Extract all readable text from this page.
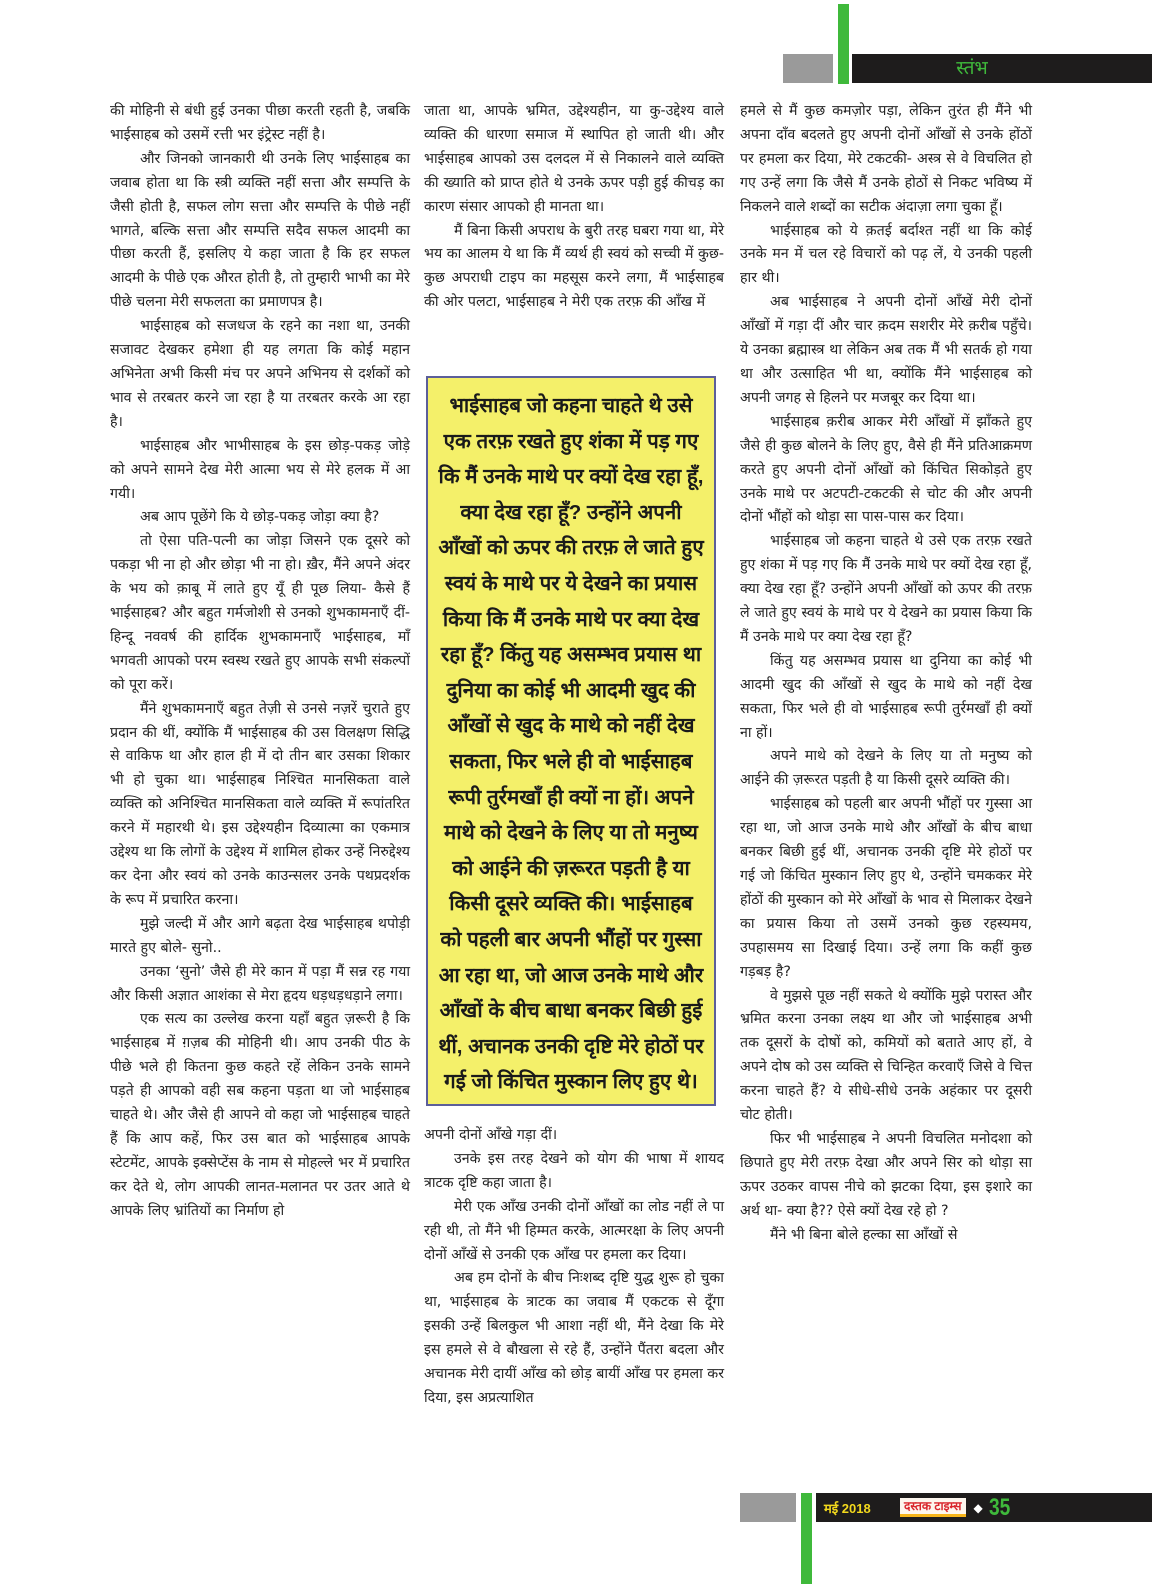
स्तंभ

की मोहिनी से बंधी हुई उनका पीछा करती रहती है, जबकि भाईसाहब को उसमें रत्ती भर इंट्रेस्ट नहीं है।

और जिनको जानकारी थी उनके लिए भाईसाहब का जवाब होता था कि स्त्री व्यक्ति नहीं सत्ता और सम्पत्ति के जैसी होती है, सफल लोग सत्ता और सम्पत्ति के पीछे नहीं भागते, बल्कि सत्ता और सम्पत्ति सदैव सफल आदमी का पीछा करती हैं, इसलिए ये कहा जाता है कि हर सफल आदमी के पीछे एक औरत होती है, तो तुम्हारी भाभी का मेरे पीछे चलना मेरी सफलता का प्रमाणपत्र है।

भाईसाहब को सजधज के रहने का नशा था, उनकी सजावट देखकर हमेशा ही यह लगता कि कोई महान अभिनेता अभी किसी मंच पर अपने अभिनय से दर्शकों को भाव से तरबतर करने जा रहा है या तरबतर करके आ रहा है।

भाईसाहब और भाभीसाहब के इस छोड़-पकड़ जोड़े को अपने सामने देख मेरी आत्मा भय से मेरे हलक में आ गयी।

अब आप पूछेंगे कि ये छोड़-पकड़ जोड़ा क्या है?

तो ऐसा पति-पत्नी का जोड़ा जिसने एक दूसरे को पकड़ा भी ना हो और छोड़ा भी ना हो। ख़ैर, मैंने अपने अंदर के भय को क़ाबू में लाते हुए यूँ ही पूछ लिया- कैसे हैं भाईसाहब? और बहुत गर्मजोशी से उनको शुभकामनाएँ दीं- हिन्दू नववर्ष की हार्दिक शुभकामनाएँ भाईसाहब, माँ भगवती आपको परम स्वस्थ रखते हुए आपके सभी संकल्पों को पूरा करें।

मैंने शुभकामनाएँ बहुत तेज़ी से उनसे नज़रें चुराते हुए प्रदान की थीं, क्योंकि मैं भाईसाहब की उस विलक्षण सिद्धि से वाकिफ था और हाल ही में दो तीन बार उसका शिकार भी हो चुका था। भाईसाहब निश्चित मानसिकता वाले व्यक्ति को अनिश्चित मानसिकता वाले व्यक्ति में रूपांतरित करने में महारथी थे। इस उद्देश्यहीन दिव्यात्मा का एकमात्र उद्देश्य था कि लोगों के उद्देश्य में शामिल होकर उन्हें निरुद्देश्य कर देना और स्वयं को उनके काउन्सलर उनके पथप्रदर्शक के रूप में प्रचारित करना।

मुझे जल्दी में और आगे बढ़ता देख भाईसाहब थपोड़ी मारते हुए बोले- सुनो..

उनका ‘सुनो’ जैसे ही मेरे कान में पड़ा मैं सन्न रह गया और किसी अज्ञात आशंका से मेरा हृदय धड़धड़धड़ाने लगा।

एक सत्य का उल्लेख करना यहाँ बहुत ज़रूरी है कि भाईसाहब में ग़ज़ब की मोहिनी थी। आप उनकी पीठ के पीछे भले ही कितना कुछ कहते रहें लेकिन उनके सामने पड़ते ही आपको वही सब कहना पड़ता था जो भाईसाहब चाहते थे। और जैसे ही आपने वो कहा जो भाईसाहब चाहते हैं कि आप कहें, फिर उस बात को भाईसाहब आपके स्टेटमेंट, आपके इक्सेप्टेंस के नाम से मोहल्ले भर में प्रचारित कर देते थे, लोग आपकी लानत-मलानत पर उतर आते थे आपके लिए भ्रांतियों का निर्माण हो

जाता था, आपके भ्रमित, उद्देश्यहीन, या कु-उद्देश्य वाले व्यक्ति की धारणा समाज में स्थापित हो जाती थी। और भाईसाहब आपको उस दलदल में से निकालने वाले व्यक्ति की ख्याति को प्राप्त होते थे उनके ऊपर पड़ी हुई कीचड़ का कारण संसार आपको ही मानता था।

मैं बिना किसी अपराध के बुरी तरह घबरा गया था, मेरे भय का आलम ये था कि मैं व्यर्थ ही स्वयं को सच्ची में कुछ-कुछ अपराधी टाइप का महसूस करने लगा, मैं भाईसाहब की ओर पलटा, भाईसाहब ने मेरी एक तरफ़ की आँख में

भाईसाहब जो कहना चाहते थे उसे एक तरफ़ रखते हुए शंका में पड़ गए कि मैं उनके माथे पर क्यों देख रहा हूँ, क्या देख रहा हूँ? उन्होंने अपनी आँखों को ऊपर की तरफ़ ले जाते हुए स्वयं के माथे पर ये देखने का प्रयास किया कि मैं उनके माथे पर क्या देख रहा हूँ? किंतु यह असम्भव प्रयास था दुनिया का कोई भी आदमी खुद की आँखों से खुद के माथे को नहीं देख सकता, फिर भले ही वो भाईसाहब रूपी तुर्रमखाँ ही क्यों ना हों। अपने माथे को देखने के लिए या तो मनुष्य को आईने की ज़रूरत पड़ती है या किसी दूसरे व्यक्ति की। भाईसाहब को पहली बार अपनी भौंहों पर गुस्सा आ रहा था, जो आज उनके माथे और आँखों के बीच बाधा बनकर बिछी हुई थीं, अचानक उनकी दृष्टि मेरे होठों पर गई जो किंचित मुस्कान लिए हुए थे।

अपनी दोनों आँखे गड़ा दीं।

उनके इस तरह देखने को योग की भाषा में शायद त्राटक दृष्टि कहा जाता है।

मेरी एक आँख उनकी दोनों आँखों का लोड नहीं ले पा रही थी, तो मैंने भी हिम्मत करके, आत्मरक्षा के लिए अपनी दोनों आँखें से उनकी एक आँख पर हमला कर दिया।

अब हम दोनों के बीच निःशब्द दृष्टि युद्ध शुरू हो चुका था, भाईसाहब के त्राटक का जवाब मैं एकटक से दूँगा इसकी उन्हें बिलकुल भी आशा नहीं थी, मैंने देखा कि मेरे इस हमले से वे बौखला से रहे हैं, उन्होंने पैंतरा बदला और अचानक मेरी दायीं आँख को छोड़ बायीं आँख पर हमला कर दिया, इस अप्रत्याशित

हमले से मैं कुछ कमज़ोर पड़ा, लेकिन तुरंत ही मैंने भी अपना दाँव बदलते हुए अपनी दोनों आँखों से उनके होंठों पर हमला कर दिया, मेरे टकटकी- अस्त्र से वे विचलित हो गए उन्हें लगा कि जैसे मैं उनके होठों से निकट भविष्य में निकलने वाले शब्दों का सटीक अंदाज़ा लगा चुका हूँ।

भाईसाहब को ये क़तई बर्दाश्त नहीं था कि कोई उनके मन में चल रहे विचारों को पढ़ लें, ये उनकी पहली हार थी।

अब भाईसाहब ने अपनी दोनों आँखें मेरी दोनों आँखों में गड़ा दीं और चार क़दम सशरीर मेरे क़रीब पहुँचे। ये उनका ब्रह्मास्त्र था लेकिन अब तक मैं भी सतर्क हो गया था और उत्साहित भी था, क्योंकि मैंने भाईसाहब को अपनी जगह से हिलने पर मजबूर कर दिया था।

भाईसाहब क़रीब आकर मेरी आँखों में झाँकते हुए जैसे ही कुछ बोलने के लिए हुए, वैसे ही मैंने प्रतिआक्रमण करते हुए अपनी दोनों आँखों को किंचित सिकोड़ते हुए उनके माथे पर अटपटी-टकटकी से चोट की और अपनी दोनों भौंहों को थोड़ा सा पास-पास कर दिया।

भाईसाहब जो कहना चाहते थे उसे एक तरफ़ रखते हुए शंका में पड़ गए कि मैं उनके माथे पर क्यों देख रहा हूँ, क्या देख रहा हूँ? उन्होंने अपनी आँखों को ऊपर की तरफ़ ले जाते हुए स्वयं के माथे पर ये देखने का प्रयास किया कि मैं उनके माथे पर क्या देख रहा हूँ?

किंतु यह असम्भव प्रयास था दुनिया का कोई भी आदमी खुद की आँखों से खुद के माथे को नहीं देख सकता, फिर भले ही वो भाईसाहब रूपी तुर्रमखाँ ही क्यों ना हों।

अपने माथे को देखने के लिए या तो मनुष्य को आईने की ज़रूरत पड़ती है या किसी दूसरे व्यक्ति की।

भाईसाहब को पहली बार अपनी भौंहों पर गुस्सा आ रहा था, जो आज उनके माथे और आँखों के बीच बाधा बनकर बिछी हुई थीं, अचानक उनकी दृष्टि मेरे होठों पर गई जो किंचित मुस्कान लिए हुए थे, उन्होंने चमककर मेरे होंठों की मुस्कान को मेरे आँखों के भाव से मिलाकर देखने का प्रयास किया तो उसमें उनको कुछ रहस्यमय, उपहासमय सा दिखाई दिया। उन्हें लगा कि कहीं कुछ गड़बड़ है?

वे मुझसे पूछ नहीं सकते थे क्योंकि मुझे परास्त और भ्रमित करना उनका लक्ष्य था और जो भाईसाहब अभी तक दूसरों के दोषों को, कमियों को बताते आए हों, वे अपने दोष को उस व्यक्ति से चिन्हित करवाएँ जिसे वे चित्त करना चाहते हैं? ये सीधे-सीधे उनके अहंकार पर दूसरी चोट होती।

फिर भी भाईसाहब ने अपनी विचलित मनोदशा को छिपाते हुए मेरी तरफ़ देखा और अपने सिर को थोड़ा सा ऊपर उठकर वापस नीचे को झटका दिया, इस इशारे का अर्थ था- क्या है?? ऐसे क्यों देख रहे हो ?

मैंने भी बिना बोले हल्का सा आँखों से

मई 2018	दस्तक टाइम्स	◆ 35
